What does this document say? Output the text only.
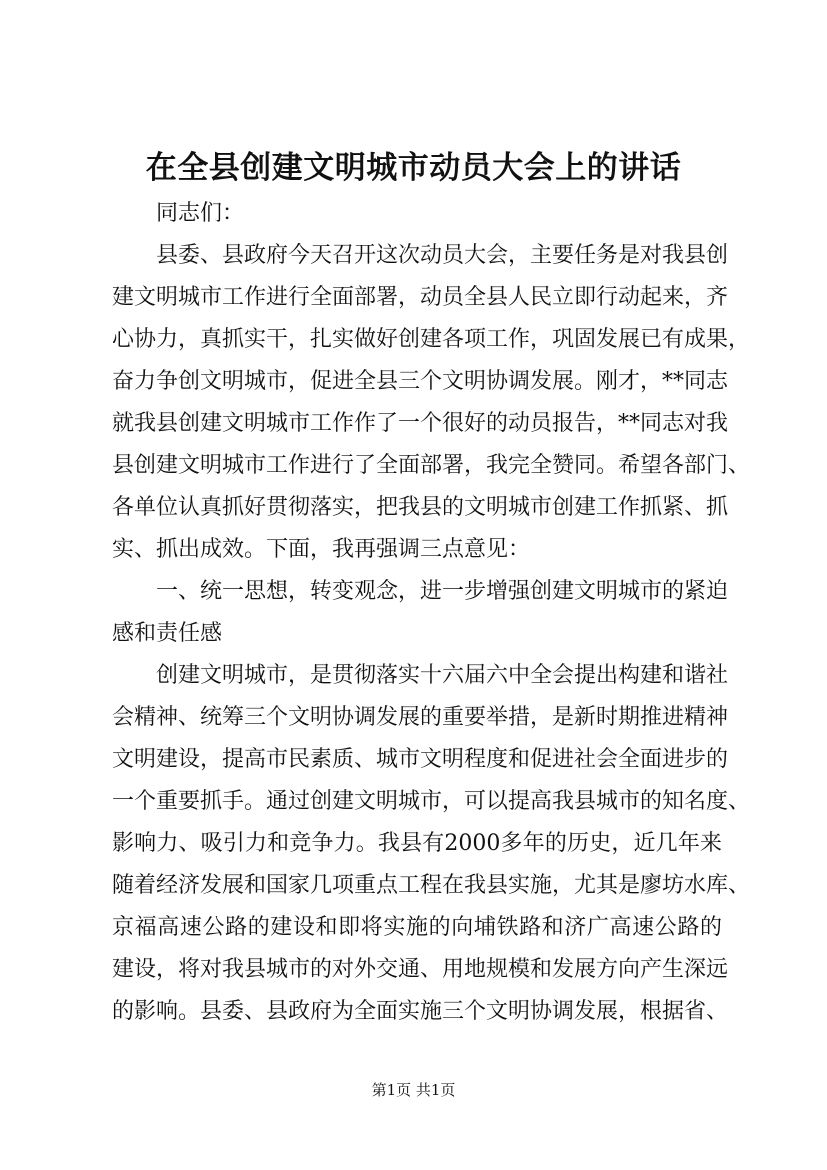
在全县创建文明城市动员大会上的讲话
同志们：
县委、县政府今天召开这次动员大会，主要任务是对我县创
建文明城市工作进行全面部署，动员全县人民立即行动起来，齐
心协力，真抓实干，扎实做好创建各项工作，巩固发展已有成果，
奋力争创文明城市，促进全县三个文明协调发展。刚才，**同志
就我县创建文明城市工作作了一个很好的动员报告，**同志对我
县创建文明城市工作进行了全面部署，我完全赞同。希望各部门、
各单位认真抓好贯彻落实，把我县的文明城市创建工作抓紧、抓
实、抓出成效。下面，我再强调三点意见：
一、统一思想，转变观念，进一步增强创建文明城市的紧迫
感和责任感
创建文明城市，是贯彻落实十六届六中全会提出构建和谐社
会精神、统筹三个文明协调发展的重要举措，是新时期推进精神
文明建设，提高市民素质、城市文明程度和促进社会全面进步的
一个重要抓手。通过创建文明城市，可以提高我县城市的知名度、
影响力、吸引力和竞争力。我县有2000多年的历史，近几年来
随着经济发展和国家几项重点工程在我县实施，尤其是廖坊水库、
京福高速公路的建设和即将实施的向埔铁路和济广高速公路的
建设，将对我县城市的对外交通、用地规模和发展方向产生深远
的影响。县委、县政府为全面实施三个文明协调发展，根据省、
第1页 共1页
